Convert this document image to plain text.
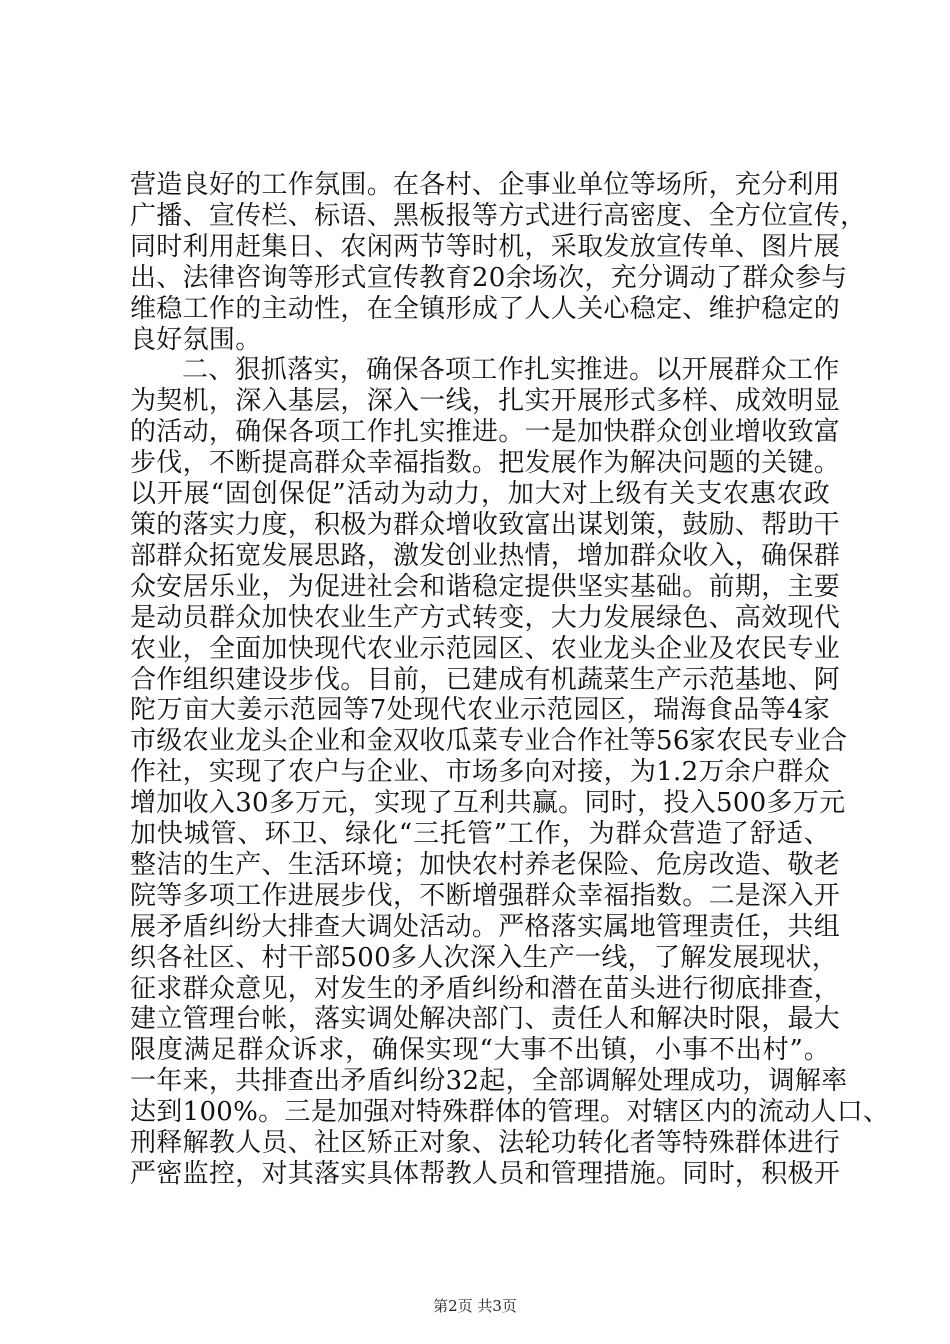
营造良好的工作氛围。在各村、企事业单位等场所，充分利用
广播、宣传栏、标语、黑板报等方式进行高密度、全方位宣传，
同时利用赶集日、农闲两节等时机，采取发放宣传单、图片展
出、法律咨询等形式宣传教育20余场次，充分调动了群众参与
维稳工作的主动性，在全镇形成了人人关心稳定、维护稳定的
良好氛围。
二、狠抓落实，确保各项工作扎实推进。以开展群众工作
为契机，深入基层，深入一线，扎实开展形式多样、成效明显
的活动，确保各项工作扎实推进。一是加快群众创业增收致富
步伐，不断提高群众幸福指数。把发展作为解决问题的关键。
以开展“固创保促”活动为动力，加大对上级有关支农惠农政
策的落实力度，积极为群众增收致富出谋划策，鼓励、帮助干
部群众拓宽发展思路，激发创业热情，增加群众收入，确保群
众安居乐业，为促进社会和谐稳定提供坚实基础。前期，主要
是动员群众加快农业生产方式转变，大力发展绿色、高效现代
农业，全面加快现代农业示范园区、农业龙头企业及农民专业
合作组织建设步伐。目前，已建成有机蔬菜生产示范基地、阿
陀万亩大姜示范园等7处现代农业示范园区，瑞海食品等4家
市级农业龙头企业和金双收瓜菜专业合作社等56家农民专业合
作社，实现了农户与企业、市场多向对接，为1.2万余户群众
增加收入30多万元，实现了互利共赢。同时，投入500多万元
加快城管、环卫、绿化“三托管”工作，为群众营造了舒适、
整洁的生产、生活环境；加快农村养老保险、危房改造、敬老
院等多项工作进展步伐，不断增强群众幸福指数。二是深入开
展矛盾纠纷大排查大调处活动。严格落实属地管理责任，共组
织各社区、村干部500多人次深入生产一线，了解发展现状，
征求群众意见，对发生的矛盾纠纷和潜在苗头进行彻底排查，
建立管理台帐，落实调处解决部门、责任人和解决时限，最大
限度满足群众诉求，确保实现“大事不出镇，小事不出村”。
一年来，共排查出矛盾纠纷32起，全部调解处理成功，调解率
达到100%。三是加强对特殊群体的管理。对辖区内的流动人口、
刑释解教人员、社区矫正对象、法轮功转化者等特殊群体进行
严密监控，对其落实具体帮教人员和管理措施。同时，积极开
第2页 共3页
